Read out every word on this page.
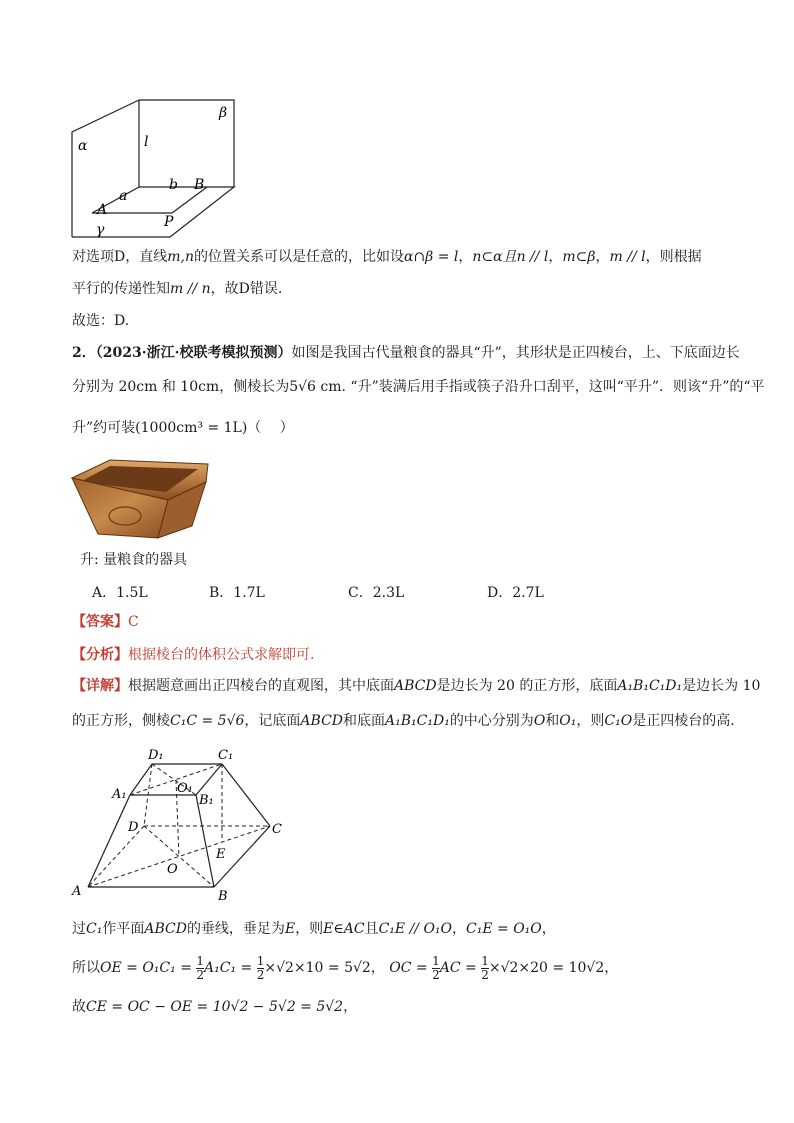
β
α	l
a
b B
A
P
γ
对选项D，直线m,n的位置关系可以是任意的，比如设α∩β = l，n⊂α且n // l，m⊂β，m // l，则根据
平行的传递性知m // n，故D错误.
故选：D.
2．（2023·浙江·校联考模拟预测）如图是我国古代量粮食的器具“升”，其形状是正四棱台，上、下底面边长
分别为 20cm 和 10cm，侧棱长为5√6 cm. “升”装满后用手指或筷子沿升口刮平，这叫“平升”．则该“升”的“平
升”约可装(1000cm³ = 1L)（　 ）
升: 量粮食的器具
A．1.5L	B．1.7L	C．2.3L	D．2.7L
【答案】C
【分析】根据棱台的体积公式求解即可.
【详解】根据题意画出正四棱台的直观图，其中底面ABCD是边长为 20 的正方形，底面A₁B₁C₁D₁是边长为 10
的正方形，侧棱C₁C = 5√6，记底面ABCD和底面A₁B₁C₁D₁的中心分别为O和O₁，则C₁O是正四棱台的高.
D₁	C₁
A₁	O₁
B₁
D	C
E
O
A	B
过C₁作平面ABCD的垂线，垂足为E，则E∈AC且C₁E // O₁O，C₁E = O₁O，
所以OE = $O_1C_1 = \frac{1}{2} A_1C_1 = \frac{1}{2} \times√2\times 10 = 5√2$， OC = $\frac{1}{2}$ AC = $\frac{1}{2} \times√2\times 20 = 10√2$，
故CE = OC − OE = 10√2 − 5√2 = 5√2，
